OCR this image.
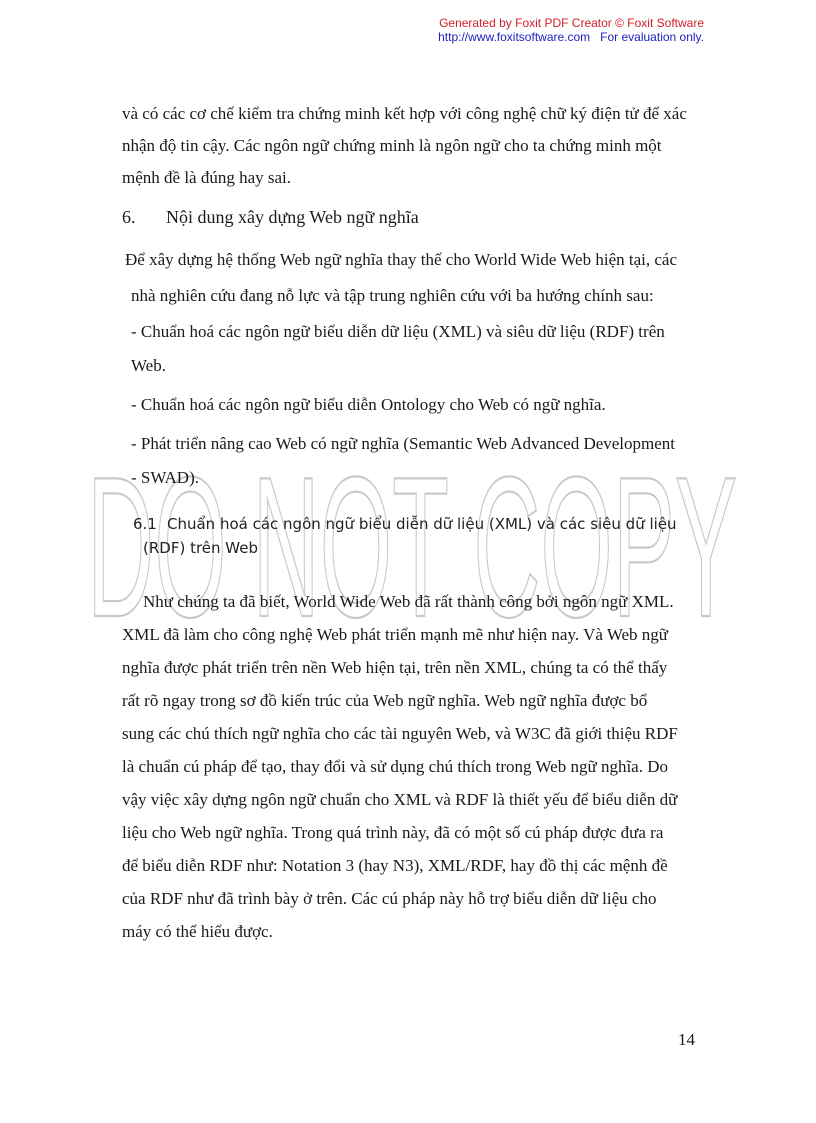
Generated by Foxit PDF Creator © Foxit Software
http://www.foxitsoftware.com   For evaluation only.
DO NOT COPY

và có các cơ chế kiểm tra chứng minh kết hợp với công nghệ chữ ký điện tử để xác

nhận độ tin cậy. Các ngôn ngữ chứng minh là ngôn ngữ cho ta chứng minh một

mệnh đề là đúng hay sai.

6. Nội dung xây dựng Web ngữ nghĩa

Để xây dựng hệ thống Web ngữ nghĩa thay thế cho World Wide Web hiện tại, các

nhà nghiên cứu đang nỗ lực và tập trung nghiên cứu với ba hướng chính sau:

- Chuẩn hoá các ngôn ngữ biểu diễn dữ liệu (XML) và siêu dữ liệu (RDF) trên

Web.

- Chuẩn hoá các ngôn ngữ biểu diễn Ontology cho Web có ngữ nghĩa.

- Phát triển nâng cao Web có ngữ nghĩa (Semantic Web Advanced Development

- SWAD).

6.1 Chuẩn hoá các ngôn ngữ biểu diễn dữ liệu (XML) và các siêu dữ liệu
(RDF) trên Web

Như chúng ta đã biết, World Wide Web đã rất thành công bởi ngôn ngữ XML.

XML đã làm cho công nghệ Web phát triển mạnh mẽ như hiện nay. Và Web ngữ

nghĩa được phát triển trên nền Web hiện tại, trên nền XML, chúng ta có thể thấy

rất rõ ngay trong sơ đồ kiến trúc của Web ngữ nghĩa. Web ngữ nghĩa được bổ

sung các chú thích ngữ nghĩa cho các tài nguyên Web, và W3C đã giới thiệu RDF

là chuẩn cú pháp để tạo, thay đổi và sử dụng chú thích trong Web ngữ nghĩa. Do

vậy việc xây dựng ngôn ngữ chuẩn cho XML và RDF là thiết yếu để biểu diễn dữ

liệu cho Web ngữ nghĩa. Trong quá trình này, đã có một số cú pháp được đưa ra

để biểu diễn RDF như: Notation 3 (hay N3), XML/RDF, hay đồ thị các mệnh đề

của RDF như đã trình bày ở trên. Các cú pháp này hỗ trợ biểu diễn dữ liệu cho

máy có thể hiểu được.

14
